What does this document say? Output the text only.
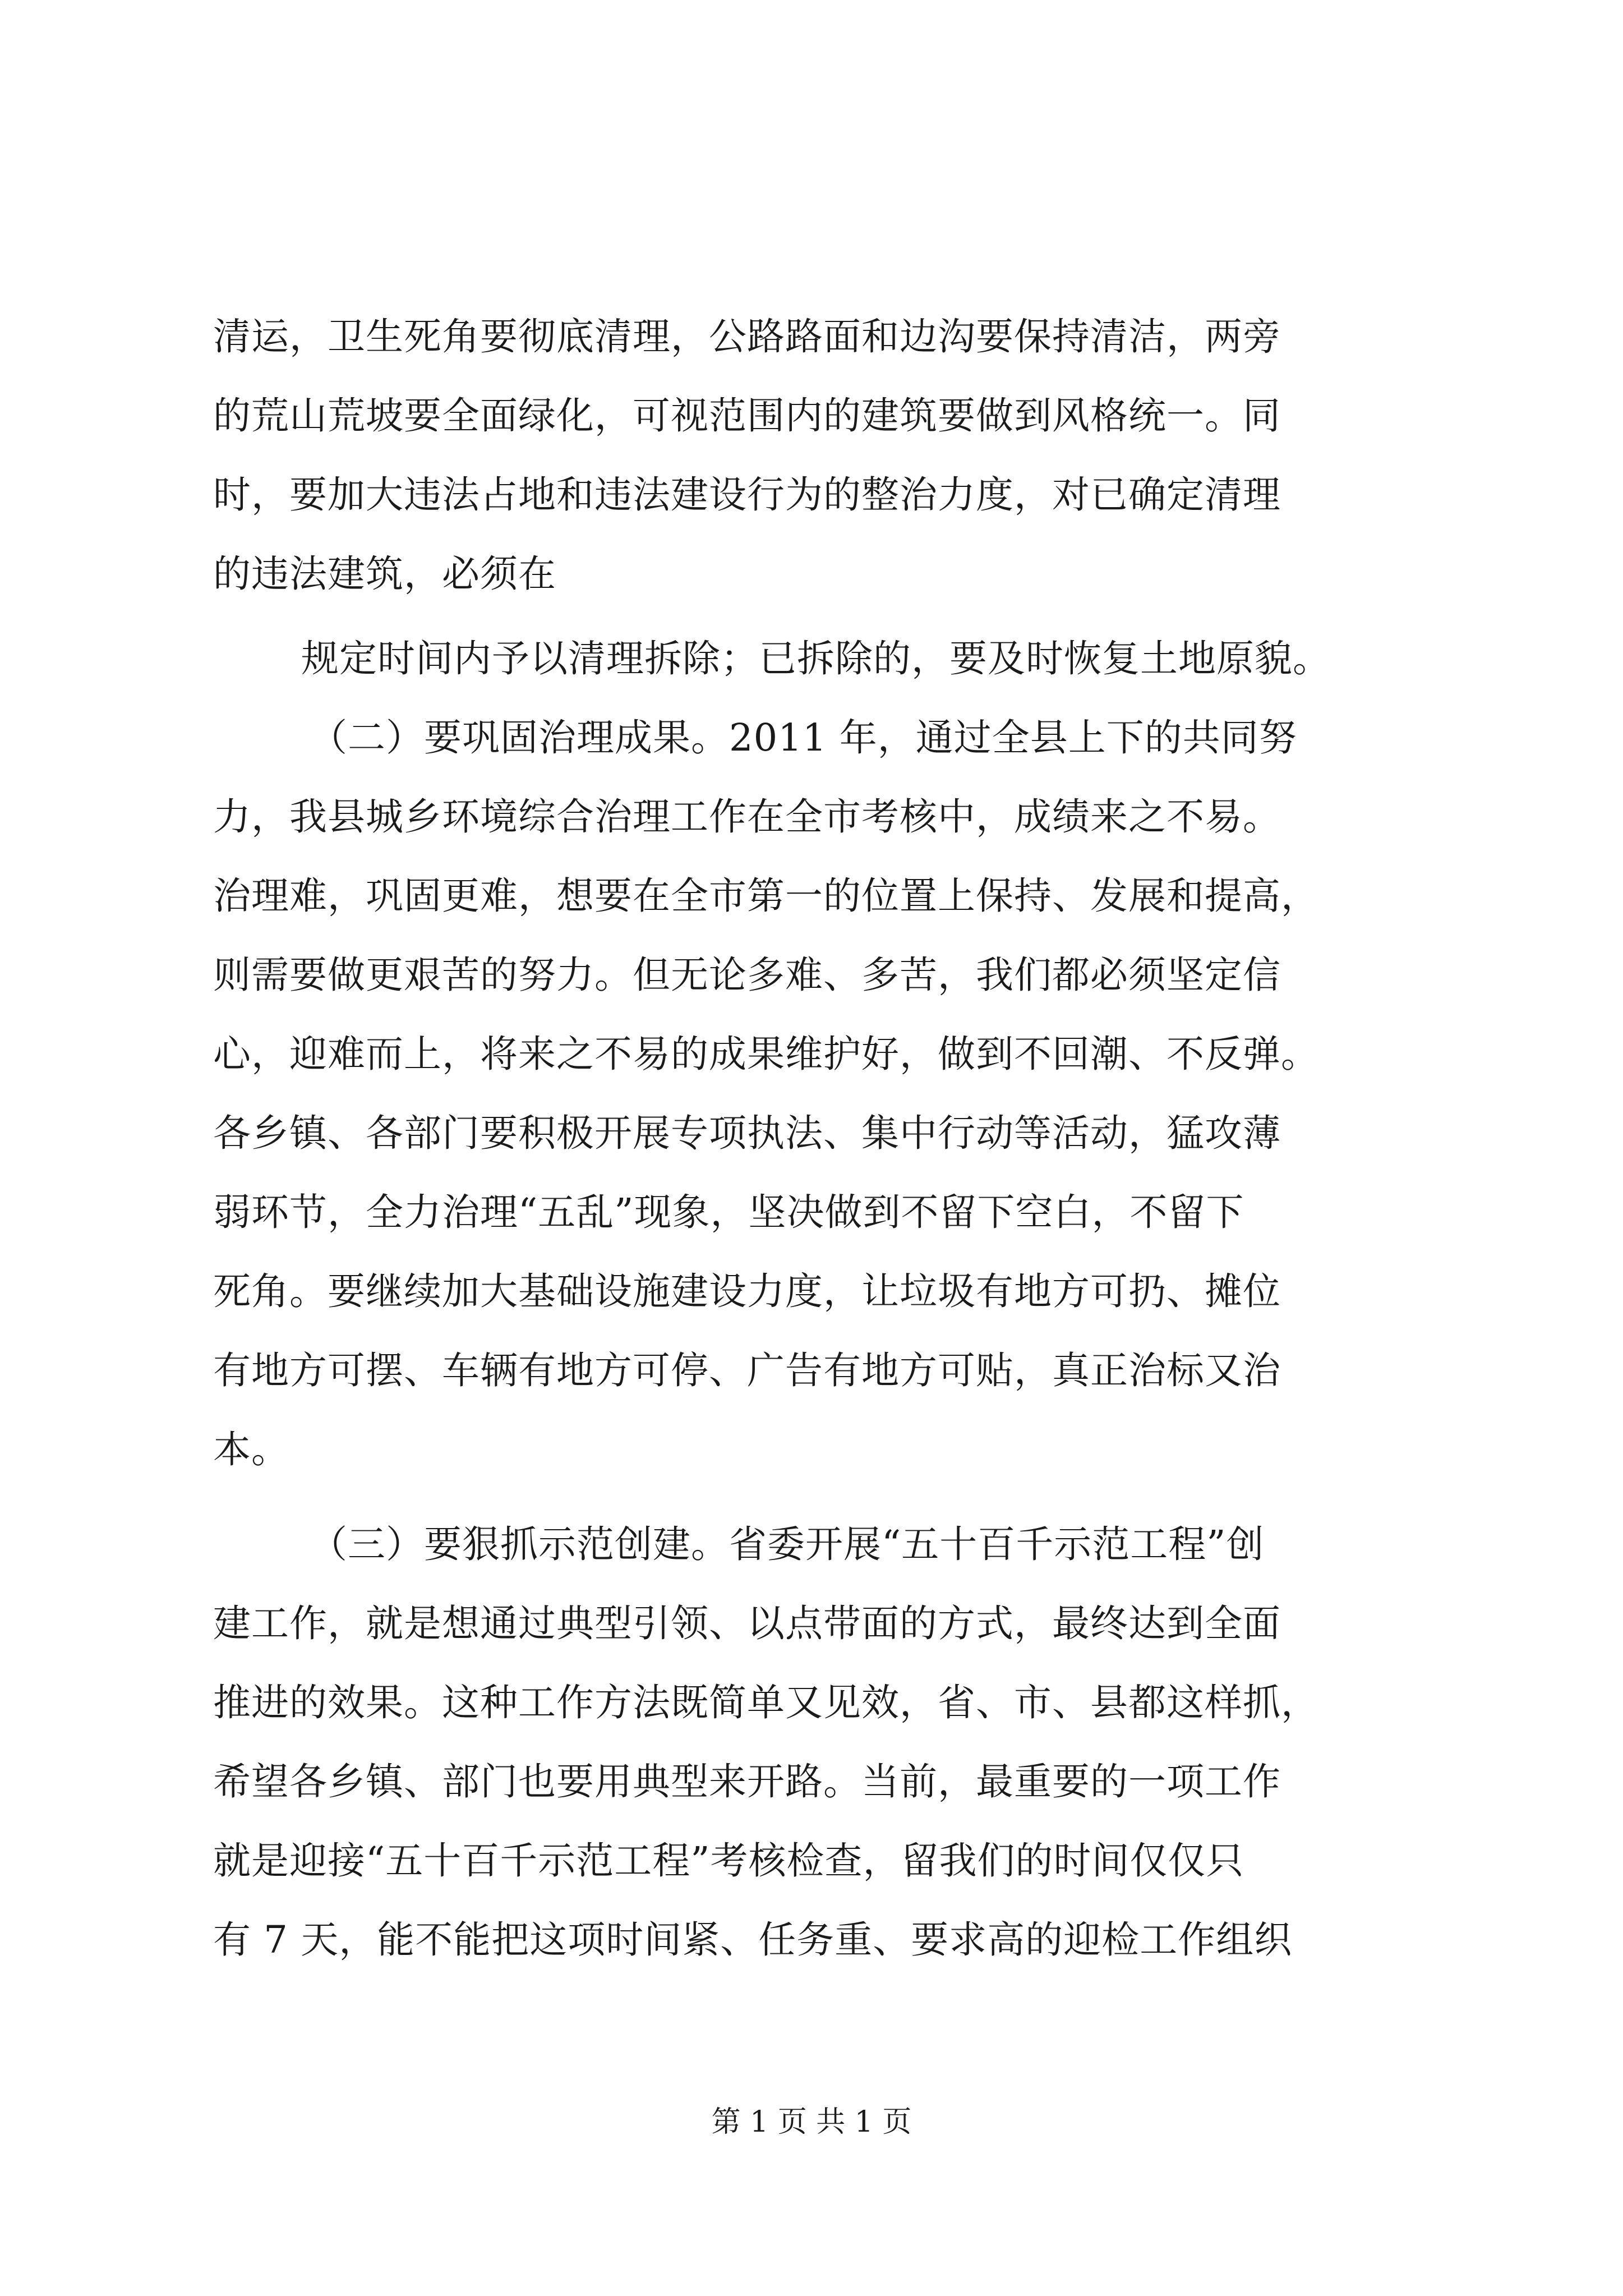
清运，卫生死角要彻底清理，公路路面和边沟要保持清洁，两旁
的荒山荒坡要全面绿化，可视范围内的建筑要做到风格统一。同
时，要加大违法占地和违法建设行为的整治力度，对已确定清理
的违法建筑，必须在
规定时间内予以清理拆除；已拆除的，要及时恢复土地原貌。
（二）要巩固治理成果。2011 年，通过全县上下的共同努
力，我县城乡环境综合治理工作在全市考核中，成绩来之不易。
治理难，巩固更难，想要在全市第一的位置上保持、发展和提高，
则需要做更艰苦的努力。但无论多难、多苦，我们都必须坚定信
心，迎难而上，将来之不易的成果维护好，做到不回潮、不反弹。
各乡镇、各部门要积极开展专项执法、集中行动等活动，猛攻薄
弱环节，全力治理“五乱”现象，坚决做到不留下空白，不留下
死角。要继续加大基础设施建设力度，让垃圾有地方可扔、摊位
有地方可摆、车辆有地方可停、广告有地方可贴，真正治标又治
本。
（三）要狠抓示范创建。省委开展“五十百千示范工程”创
建工作，就是想通过典型引领、以点带面的方式，最终达到全面
推进的效果。这种工作方法既简单又见效，省、市、县都这样抓，
希望各乡镇、部门也要用典型来开路。当前，最重要的一项工作
就是迎接“五十百千示范工程”考核检查，留我们的时间仅仅只
有 7 天，能不能把这项时间紧、任务重、要求高的迎检工作组织
第 1 页 共 1 页
